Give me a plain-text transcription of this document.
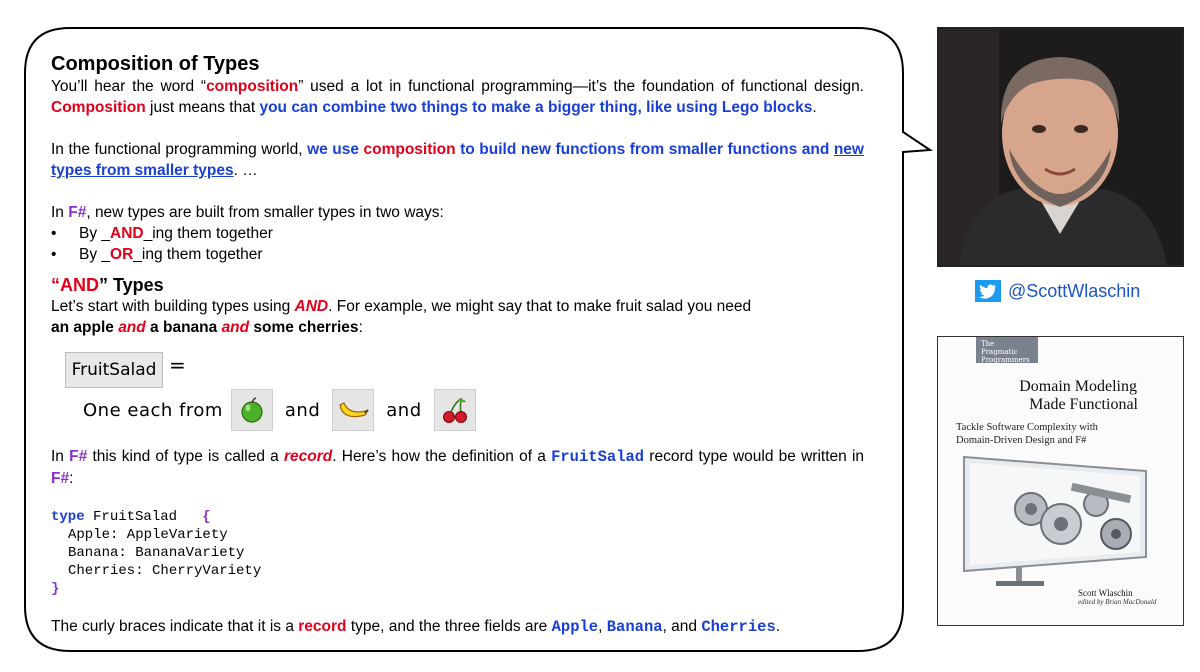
Composition of Types

You’ll hear the word “composition” used a lot in functional programming—it’s the foundation of functional design. Composition just means that you can combine two things to make a bigger thing, like using Lego blocks.

In the functional programming world, we use composition to build new functions from smaller functions and new types from smaller types. …

In F#, new types are built from smaller types in two ways:

• By _AND_ing them together

• By _OR_ing them together

“AND” Types

Let’s start with building types using AND. For example, we might say that to make fruit salad you need

an apple and a banana and some cherries:

FruitSalad =
One each from	and	and

In F# this kind of type is called a record. Here’s how the definition of a FruitSalad record type would be written in F#:

type FruitSalad   {
Apple: AppleVariety
Banana: BananaVariety
Cherries: CherryVariety
}

The curly braces indicate that it is a record type, and the three fields are Apple, Banana, and Cherries.

@ScottWlaschin
The Pragmatic Programmers
Domain Modeling
Made Functional
Tackle Software Complexity with
Domain-Driven Design and F#
Scott Wlaschin
edited by Brian MacDonald
